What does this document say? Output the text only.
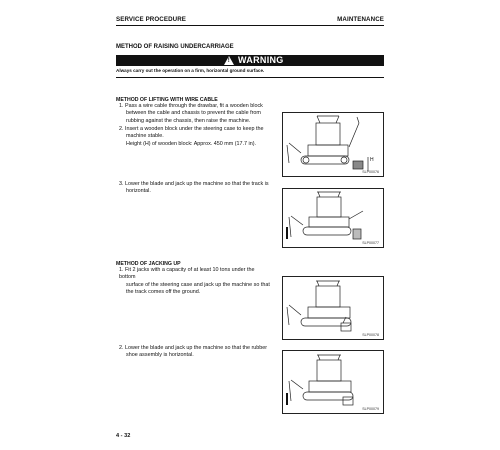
SERVICE PROCEDURE	MAINTENANCE
METHOD OF RAISING UNDERCARRIAGE
! WARNING
Always carry out the operation on a firm, horizontal ground surface.
METHOD OF LIFTING WITH WIRE CABLE
1. Pass a wire cable through the drawbar, fit a wooden block
between the cable and chassis to prevent the cable from
rubbing against the chassis, then raise the machine.
2. Insert a wooden block under the steering case to keep the
machine stable.
Height (H) of wooden block: Approx. 450 mm (17.7 in).
H
SLP00076
3. Lower the blade and jack up the machine so that the track is
horizontal.
SLP00077
METHOD OF JACKING UP
1. Fit 2 jacks with a capacity of at least 10 tons under the bottom
surface of the steering case and jack up the machine so that
the track comes off the ground.
SLP00078
2. Lower the blade and jack up the machine so that the rubber
shoe assembly is horizontal.
SLP00079
4 - 32
